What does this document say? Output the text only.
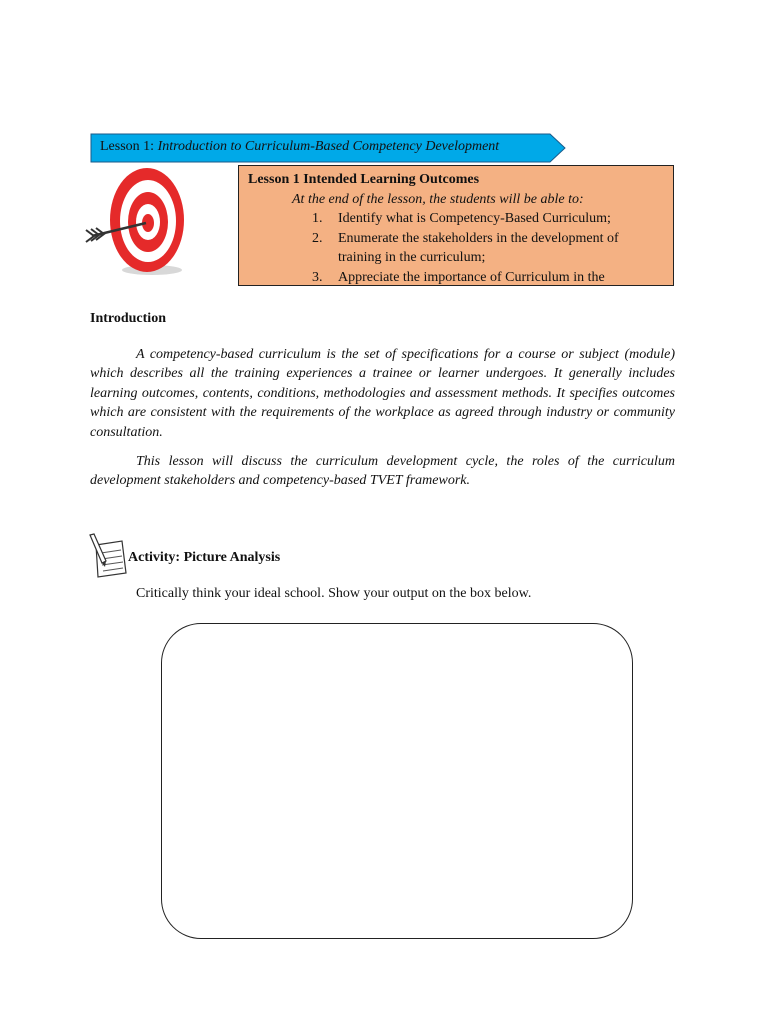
Lesson 1: Introduction to Curriculum-Based Competency Development
Lesson 1 Intended Learning Outcomes
At the end of the lesson, the students will be able to:
1.	Identify what is Competency-Based Curriculum;
2.	Enumerate the stakeholders in the development of training in the curriculum;
3.	Appreciate the importance of Curriculum in the
Introduction

A competency-based curriculum is the set of specifications for a course or subject (module) which describes all the training experiences a trainee or learner undergoes. It generally includes learning outcomes, contents, conditions, methodologies and assessment methods. It specifies outcomes which are consistent with the requirements of the workplace as agreed through industry or community consultation.

This lesson will discuss the curriculum development cycle, the roles of the curriculum development stakeholders and competency-based TVET framework.

Activity: Picture Analysis
Critically think your ideal school. Show your output on the box below.
